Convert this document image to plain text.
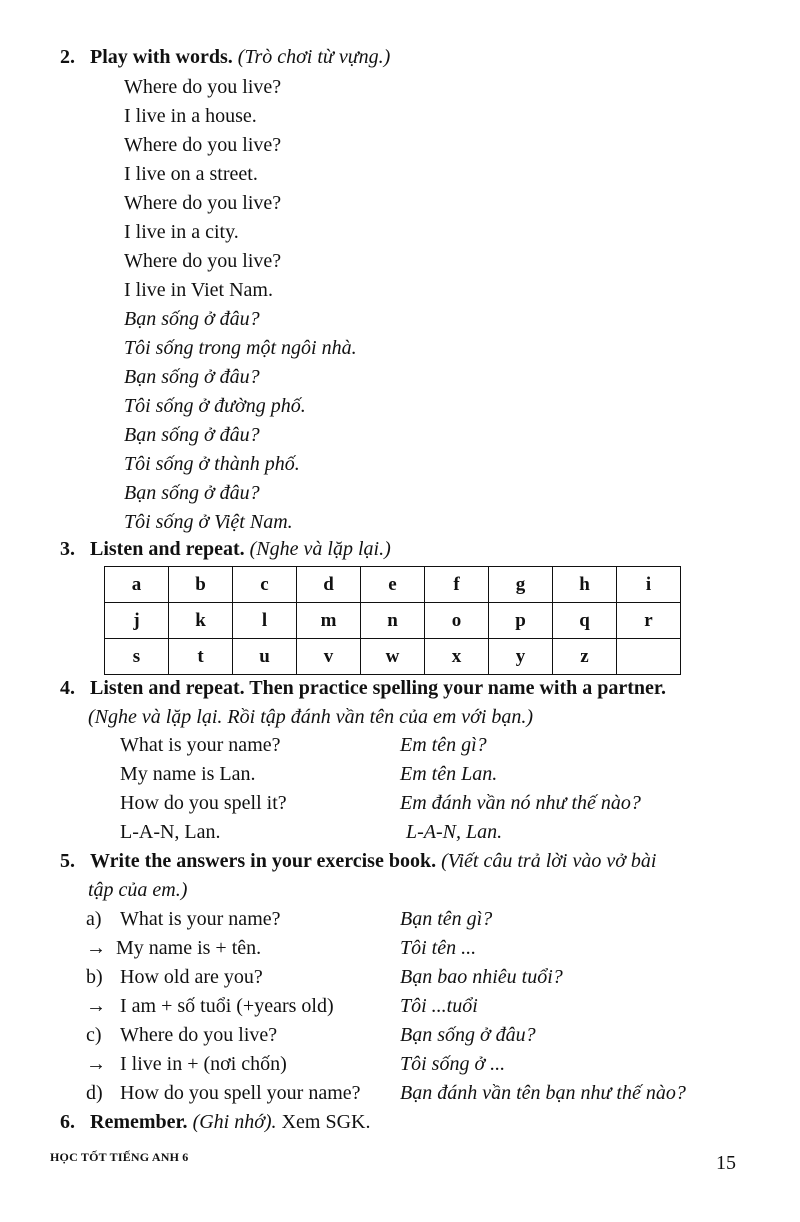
2. Play with words. (Trò chơi từ vựng.)
Where do you live?
I live in a house.
Where do you live?
I live on a street.
Where do you live?
I live in a city.
Where do you live?
I live in Viet Nam.
Bạn sống ở đâu?
Tôi sống trong một ngôi nhà.
Bạn sống ở đâu?
Tôi sống ở đường phố.
Bạn sống ở đâu?
Tôi sống ở thành phố.
Bạn sống ở đâu?
Tôi sống ở Việt Nam.
3. Listen and repeat. (Nghe và lặp lại.)
a	b	c	d	e	f	g	h	i
j	k	l	m	n	o	p	q	r
s	t	u	v	w	x	y	z	
4. Listen and repeat. Then practice spelling your name with a partner.
(Nghe và lặp lại. Rồi tập đánh vần tên của em với bạn.)
What is your name?	Em tên gì?
My name is Lan.	Em tên Lan.
How do you spell it?	Em đánh vần nó như thế nào?
L-A-N, Lan.	L-A-N, Lan.
5. Write the answers in your exercise book. (Viết câu trả lời vào vở bài
tập của em.)
a) What is your name?	Bạn tên gì?
→ My name is + tên.	Tôi tên ...
b) How old are you?	Bạn bao nhiêu tuổi?
→ I am + số tuổi (+years old)	Tôi ...tuổi
c) Where do you live?	Bạn sống ở đâu?
→ I live in + (nơi chốn)	Tôi sống ở ...
d) How do you spell your name? Bạn đánh vần tên bạn như thế nào?
6. Remember. (Ghi nhớ). Xem SGK.
HỌC TỐT TIẾNG ANH 6	15
